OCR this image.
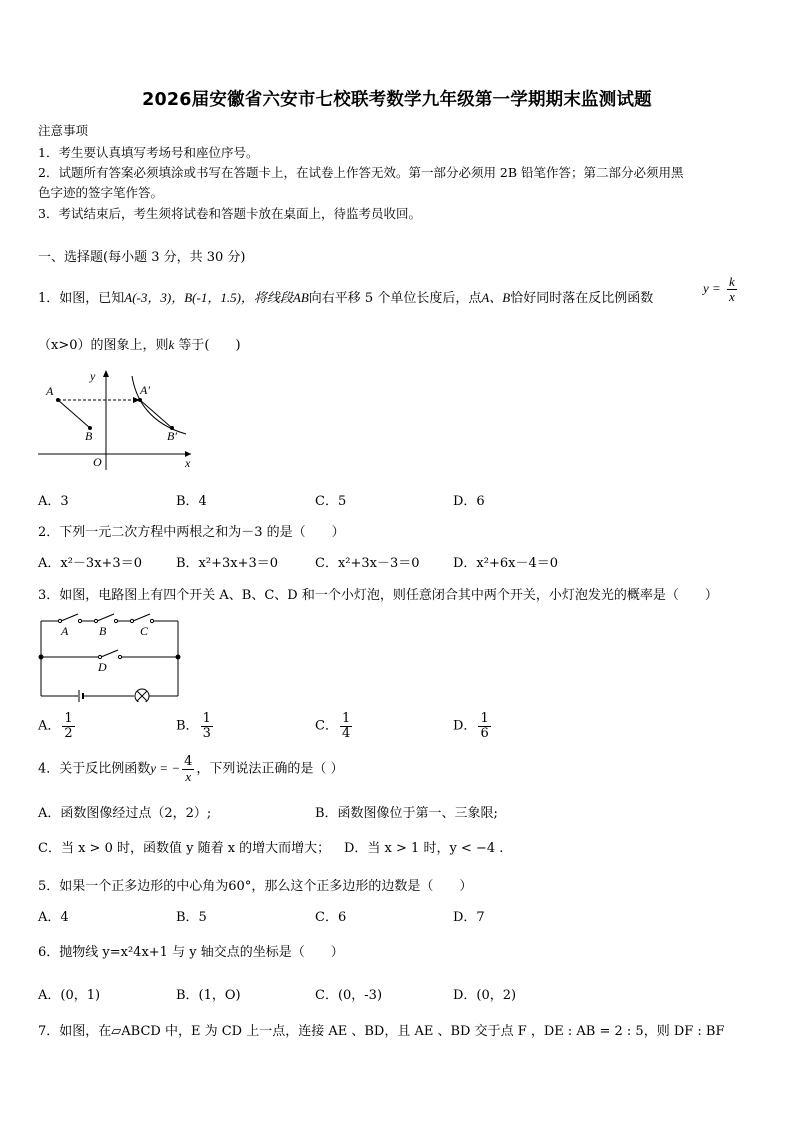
2026届安徽省六安市七校联考数学九年级第一学期期末监测试题
注意事项
1．考生要认真填写考场号和座位序号。
2．试题所有答案必须填涂或书写在答题卡上，在试卷上作答无效。第一部分必须用 2B 铅笔作答；第二部分必须用黑
色字迹的签字笔作答。
3．考试结束后，考生须将试卷和答题卡放在桌面上，待监考员收回。
一、选择题(每小题 3 分，共 30 分)
1．如图，已知A(-3，3)，B(-1，1.5)，将线段AB向右平移 5 个单位长度后，点A、B恰好同时落在反比例函数
$y = \frac{k}{x}$
（x>0）的图象上，则k 等于(　　)
A
B
A′
B′
O	x
y
A．3	B．4	C．5	D．6
2．下列一元二次方程中两根之和为－3 的是（　　）
A．x²－3x+3＝0	B．x²+3x+3＝0	C．x²+3x－3＝0	D．x²+6x－4＝0
3．如图，电路图上有四个开关 A、B、C、D 和一个小灯泡，则任意闭合其中两个开关，小灯泡发光的概率是（　　）
A	B	C
D
A． $\frac{1}{2}$	B． $\frac{1}{3}$	C． $\frac{1}{4}$	D． $\frac{1}{6}$
4．关于反比例函数y = − $\frac{4}{x}$ ，下列说法正确的是（ ）
A．函数图像经过点（2，2）;	B．函数图像位于第一、三象限;
C．当 x > 0 时，函数值 y 随着 x 的增大而增大； D．当 x > 1 时，y < −4 .
5．如果一个正多边形的中心角为60°，那么这个正多边形的边数是（　　）
A．4	B．5	C．6	D．7
6．抛物线 y=x²4x+1 与 y 轴交点的坐标是（　　）
A．(0，1)	B．(1，O)	C．(0，-3)	D．(0，2)
7．如图，在▱ABCD 中，E 为 CD 上一点，连接 AE 、BD，且 AE 、BD 交于点 F ，DE : AB = 2 : 5，则 DF : BF
